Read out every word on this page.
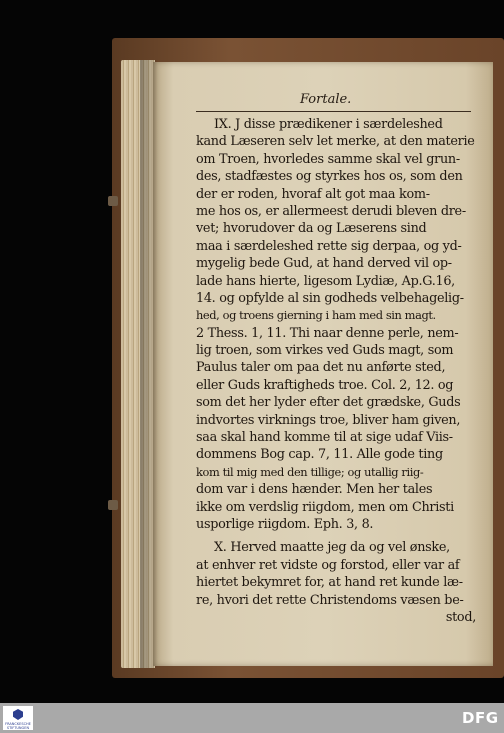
Fortale.
IX. J disse prædikener i særdeleshed
kand Læseren selv let merke, at den materie
om Troen, hvorledes samme skal vel grun-
des, stadfæstes og styrkes hos os, som den
der er roden, hvoraf alt got maa kom-
me hos os, er allermeest derudi bleven dre-
vet; hvorudover da og Læserens sind
maa i særdeleshed rette sig derpaa, og yd-
mygelig bede Gud, at hand derved vil op-
lade hans hierte, ligesom Lydiæ, Ap.G.16,
14. og opfylde al sin godheds velbehagelig-
hed, og troens gierning i ham med sin magt.
2 Thess. 1, 11. Thi naar denne perle, nem-
lig troen, som virkes ved Guds magt, som
Paulus taler om paa det nu anførte sted,
eller Guds kraftigheds troe. Col. 2, 12. og
som det her lyder efter det grædske, Guds
indvortes virknings troe, bliver ham given,
saa skal hand komme til at sige udaf Viis-
dommens Bog cap. 7, 11. Alle gode ting
kom til mig med den tillige; og utallig riig-
dom var i dens hænder. Men her tales
ikke om verdslig riigdom, men om Christi
usporlige riigdom. Eph. 3, 8.
X. Herved maatte jeg da og vel ønske,
at enhver ret vidste og forstod, eller var af
hiertet bekymret for, at hand ret kunde læ-
re, hvori det rette Christendoms væsen be-
stod,
FRANCKESCHE STIFTUNGEN
DFG
